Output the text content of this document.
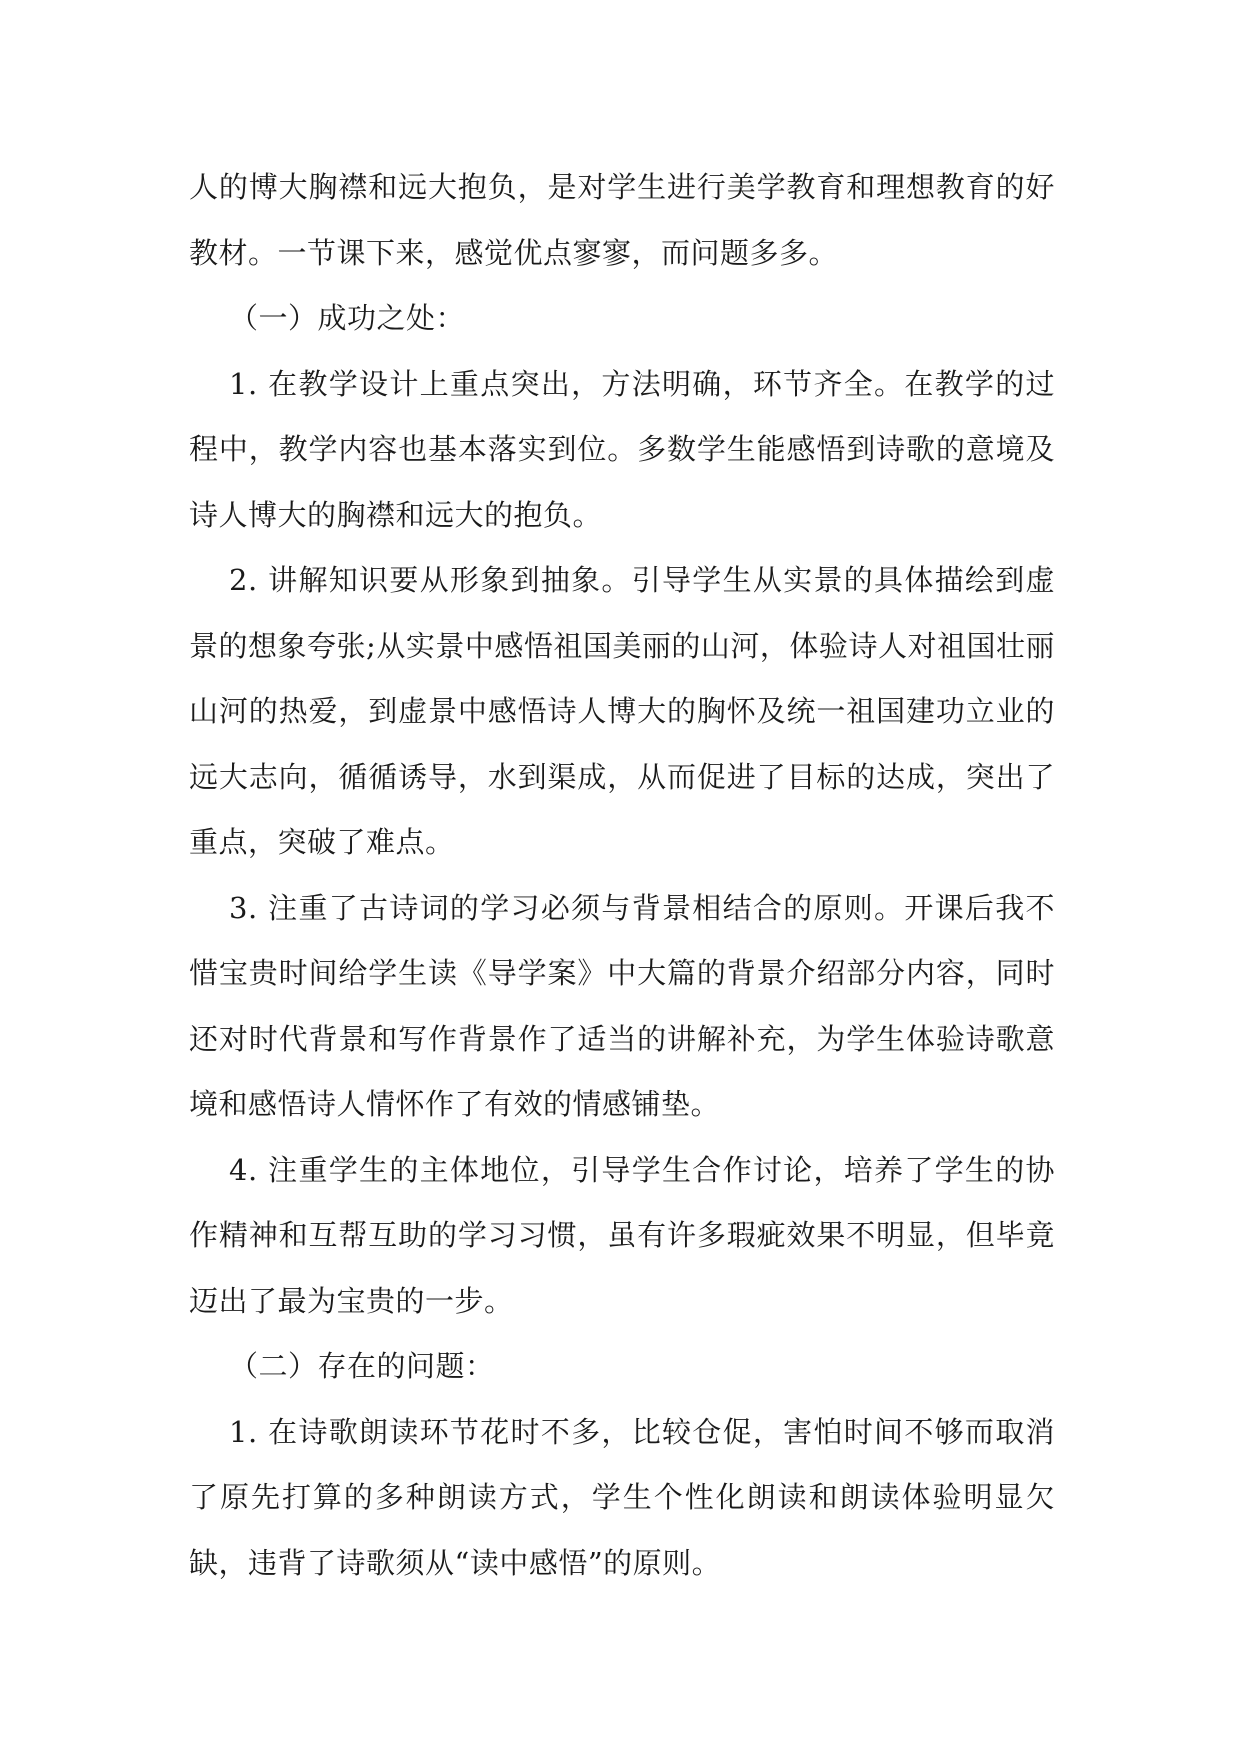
人的博大胸襟和远大抱负，是对学生进行美学教育和理想教育的好教材。一节课下来，感觉优点寥寥，而问题多多。

（一）成功之处：

1. 在教学设计上重点突出，方法明确，环节齐全。在教学的过程中，教学内容也基本落实到位。多数学生能感悟到诗歌的意境及诗人博大的胸襟和远大的抱负。

2. 讲解知识要从形象到抽象。引导学生从实景的具体描绘到虚景的想象夸张;从实景中感悟祖国美丽的山河，体验诗人对祖国壮丽山河的热爱，到虚景中感悟诗人博大的胸怀及统一祖国建功立业的远大志向，循循诱导，水到渠成，从而促进了目标的达成，突出了重点，突破了难点。

3. 注重了古诗词的学习必须与背景相结合的原则。开课后我不惜宝贵时间给学生读《导学案》中大篇的背景介绍部分内容，同时还对时代背景和写作背景作了适当的讲解补充，为学生体验诗歌意境和感悟诗人情怀作了有效的情感铺垫。

4. 注重学生的主体地位，引导学生合作讨论，培养了学生的协作精神和互帮互助的学习习惯，虽有许多瑕疵效果不明显，但毕竟迈出了最为宝贵的一步。

（二）存在的问题：

1. 在诗歌朗读环节花时不多，比较仓促，害怕时间不够而取消了原先打算的多种朗读方式，学生个性化朗读和朗读体验明显欠缺，违背了诗歌须从“读中感悟”的原则。
